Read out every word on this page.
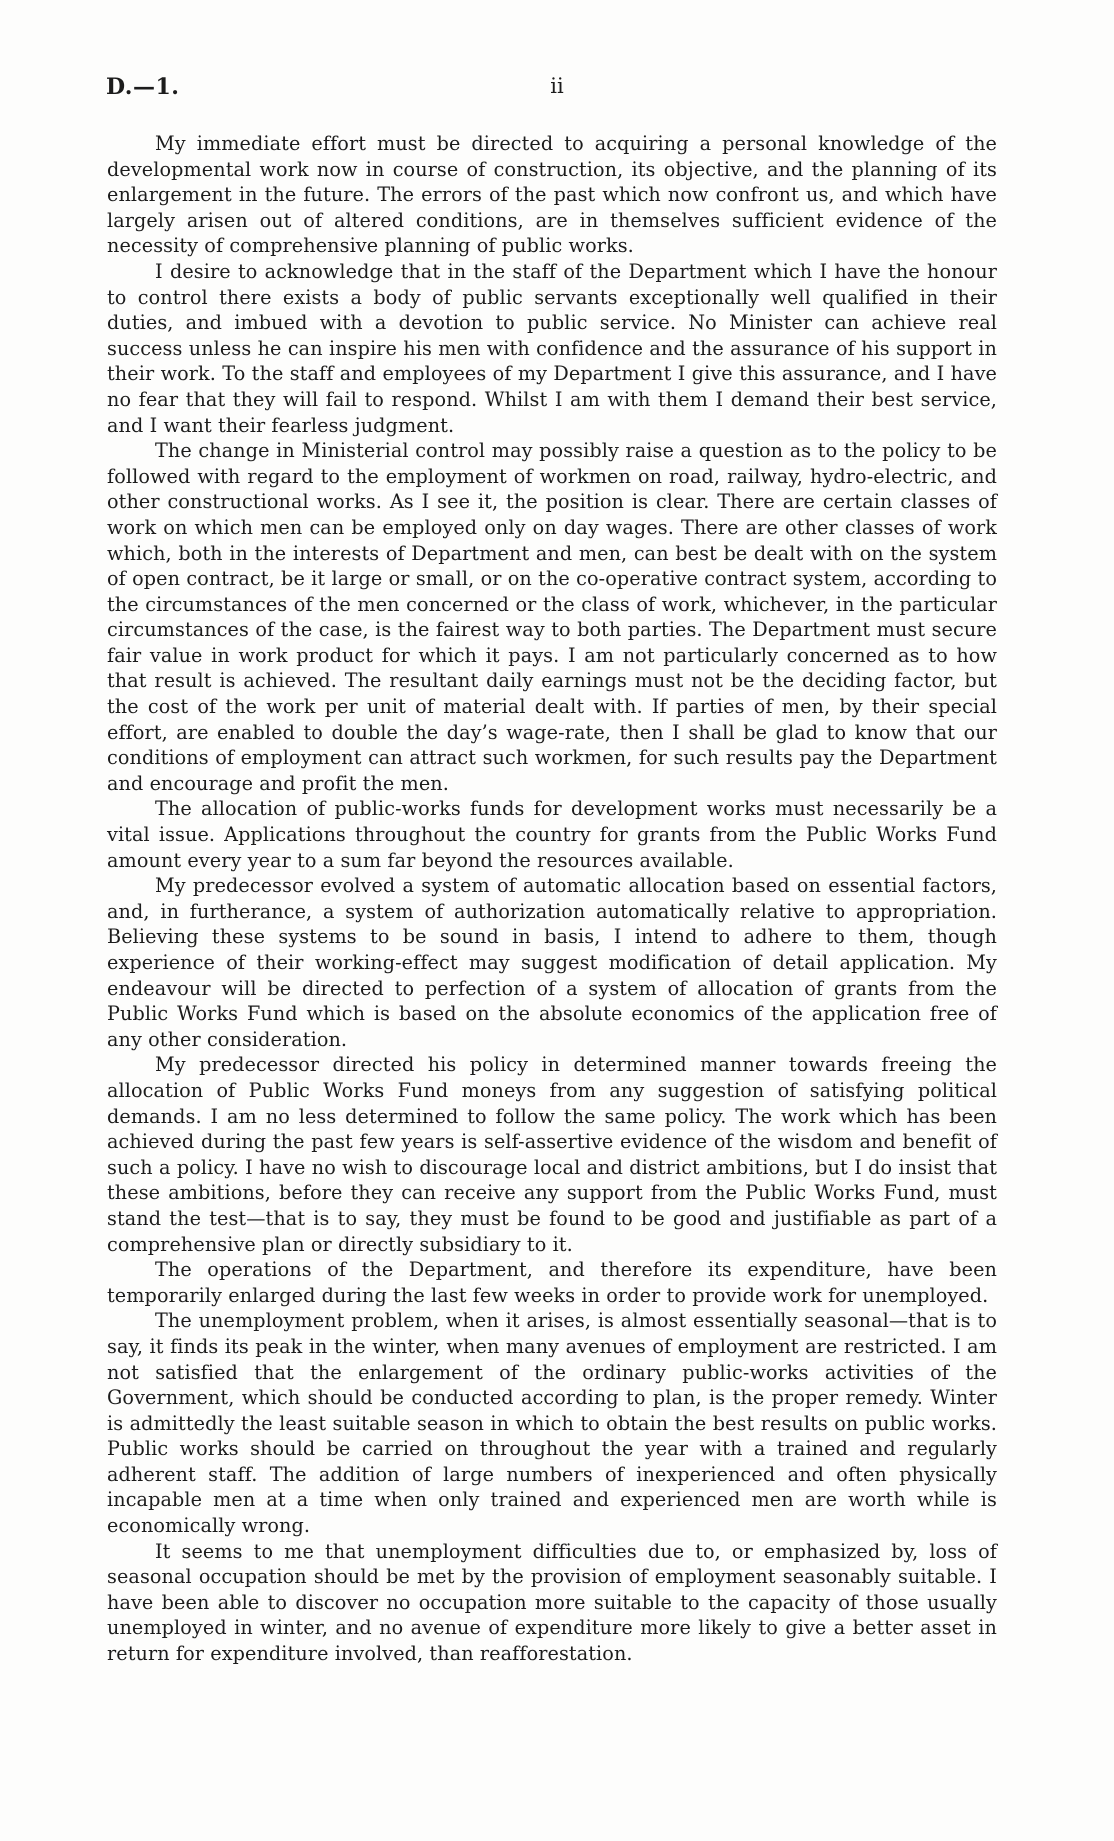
D.—1.	ii

My immediate effort must be directed to acquiring a personal knowledge of the developmental work now in course of construction, its objective, and the planning of its enlargement in the future. The errors of the past which now confront us, and which have largely arisen out of altered conditions, are in themselves sufficient evidence of the necessity of comprehensive planning of public works.

I desire to acknowledge that in the staff of the Department which I have the honour to control there exists a body of public servants exceptionally well qualified in their duties, and imbued with a devotion to public service. No Minister can achieve real success unless he can inspire his men with confidence and the assurance of his support in their work. To the staff and employees of my Department I give this assurance, and I have no fear that they will fail to respond. Whilst I am with them I demand their best service, and I want their fearless judgment.

The change in Ministerial control may possibly raise a question as to the policy to be followed with regard to the employment of workmen on road, railway, hydro-electric, and other constructional works. As I see it, the position is clear. There are certain classes of work on which men can be employed only on day wages. There are other classes of work which, both in the interests of Department and men, can best be dealt with on the system of open contract, be it large or small, or on the co-operative contract system, according to the circumstances of the men concerned or the class of work, whichever, in the particular circumstances of the case, is the fairest way to both parties. The Department must secure fair value in work product for which it pays. I am not particularly concerned as to how that result is achieved. The resultant daily earnings must not be the deciding factor, but the cost of the work per unit of material dealt with. If parties of men, by their special effort, are enabled to double the day’s wage-rate, then I shall be glad to know that our conditions of employment can attract such workmen, for such results pay the Department and encourage and profit the men.

The allocation of public-works funds for development works must necessarily be a vital issue. Applications throughout the country for grants from the Public Works Fund amount every year to a sum far beyond the resources available.

My predecessor evolved a system of automatic allocation based on essential factors, and, in furtherance, a system of authorization automatically relative to appropriation. Believing these systems to be sound in basis, I intend to adhere to them, though experience of their working-effect may suggest modification of detail application. My endeavour will be directed to perfection of a system of allocation of grants from the Public Works Fund which is based on the absolute economics of the application free of any other consideration.

My predecessor directed his policy in determined manner towards freeing the allocation of Public Works Fund moneys from any suggestion of satisfying political demands. I am no less determined to follow the same policy. The work which has been achieved during the past few years is self-assertive evidence of the wisdom and benefit of such a policy. I have no wish to discourage local and district ambitions, but I do insist that these ambitions, before they can receive any support from the Public Works Fund, must stand the test—that is to say, they must be found to be good and justifiable as part of a comprehensive plan or directly subsidiary to it.

The operations of the Department, and therefore its expenditure, have been temporarily enlarged during the last few weeks in order to provide work for unemployed.

The unemployment problem, when it arises, is almost essentially seasonal—that is to say, it finds its peak in the winter, when many avenues of employment are restricted. I am not satisfied that the enlargement of the ordinary public-works activities of the Government, which should be conducted according to plan, is the proper remedy. Winter is admittedly the least suitable season in which to obtain the best results on public works. Public works should be carried on throughout the year with a trained and regularly adherent staff. The addition of large numbers of inexperienced and often physically incapable men at a time when only trained and experienced men are worth while is economically wrong.

It seems to me that unemployment difficulties due to, or emphasized by, loss of seasonal occupation should be met by the provision of employment seasonably suitable. I have been able to discover no occupation more suitable to the capacity of those usually unemployed in winter, and no avenue of expenditure more likely to give a better asset in return for expenditure involved, than reafforestation.
